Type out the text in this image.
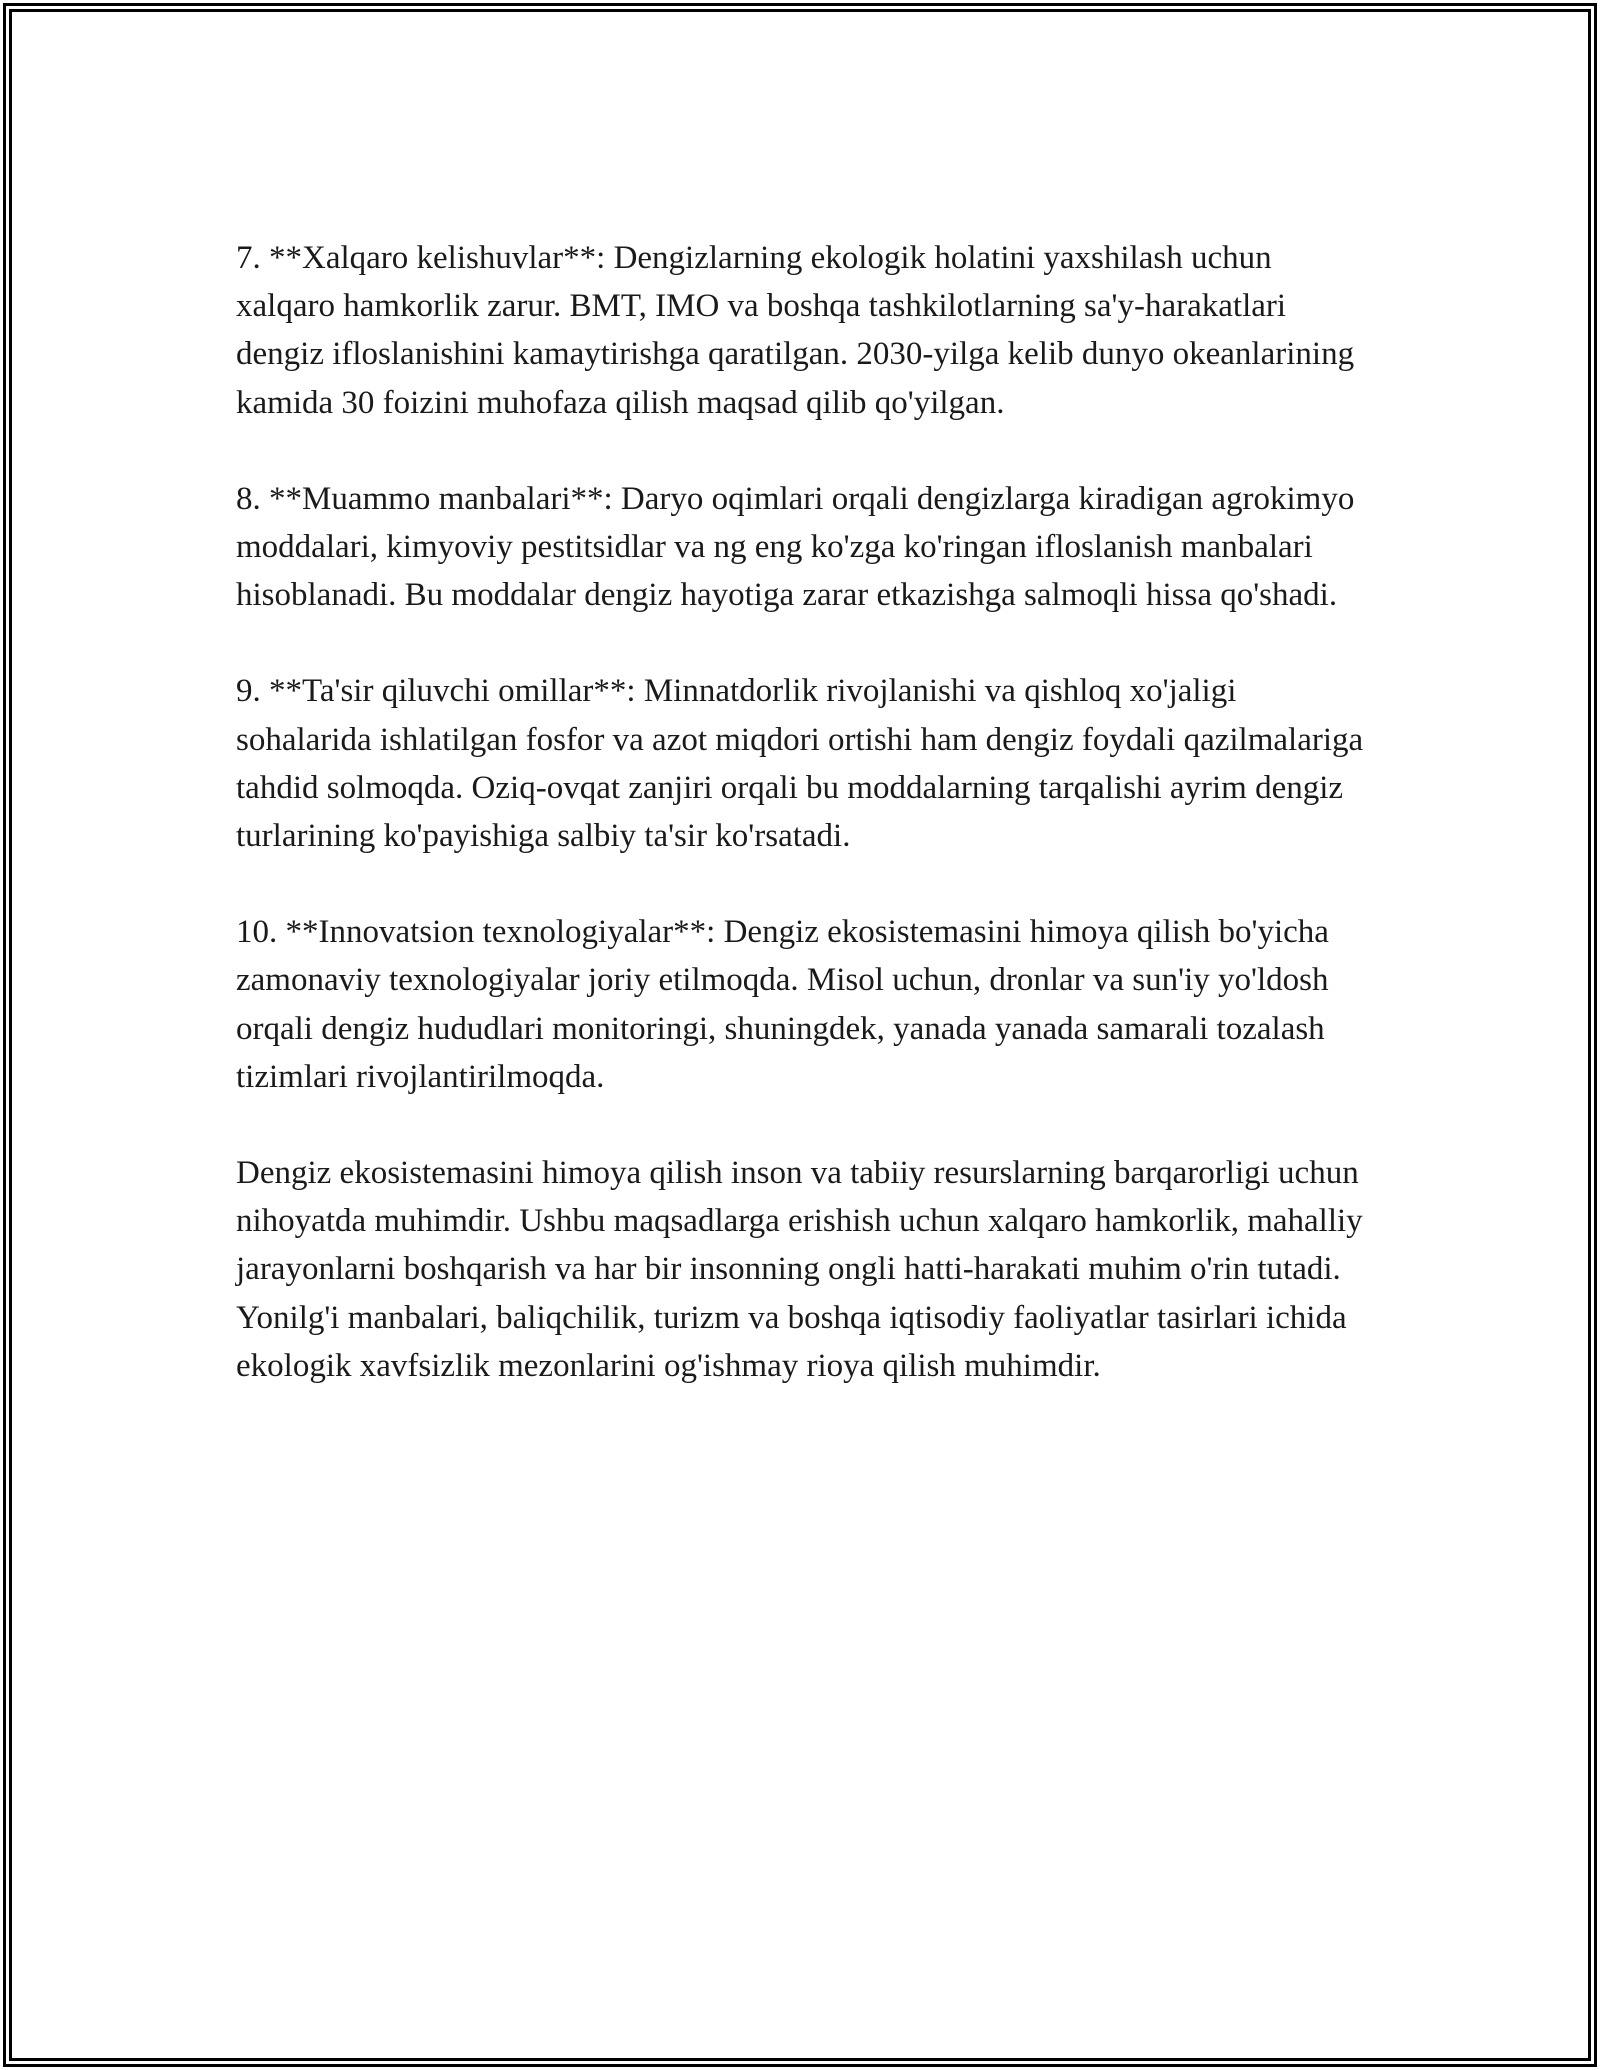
7. **Xalqaro kelishuvlar**: Dengizlarning ekologik holatini yaxshilash uchun xalqaro hamkorlik zarur. BMT, IMO va boshqa tashkilotlarning sa'y-harakatlari dengiz ifloslanishini kamaytirishga qaratilgan. 2030-yilga kelib dunyo okeanlarining kamida 30 foizini muhofaza qilish maqsad qilib qo'yilgan.

8. **Muammo manbalari**: Daryo oqimlari orqali dengizlarga kiradigan agrokimyo moddalari, kimyoviy pestitsidlar va ng eng ko'zga ko'ringan ifloslanish manbalari hisoblanadi. Bu moddalar dengiz hayotiga zarar etkazishga salmoqli hissa qo'shadi.

9. **Ta'sir qiluvchi omillar**: Minnatdorlik rivojlanishi va qishloq xo'jaligi sohalarida ishlatilgan fosfor va azot miqdori ortishi ham dengiz foydali qazilmalariga tahdid solmoqda. Oziq-ovqat zanjiri orqali bu moddalarning tarqalishi ayrim dengiz turlarining ko'payishiga salbiy ta'sir ko'rsatadi.

10. **Innovatsion texnologiyalar**: Dengiz ekosistemasini himoya qilish bo'yicha zamonaviy texnologiyalar joriy etilmoqda. Misol uchun, dronlar va sun'iy yo'ldosh orqali dengiz hududlari monitoringi, shuningdek, yanada yanada samarali tozalash tizimlari rivojlantirilmoqda.

Dengiz ekosistemasini himoya qilish inson va tabiiy resurslarning barqarorligi uchun nihoyatda muhimdir. Ushbu maqsadlarga erishish uchun xalqaro hamkorlik, mahalliy jarayonlarni boshqarish va har bir insonning ongli hatti-harakati muhim o'rin tutadi. Yonilg'i manbalari, baliqchilik, turizm va boshqa iqtisodiy faoliyatlar tasirlari ichida ekologik xavfsizlik mezonlarini og'ishmay rioya qilish muhimdir.
